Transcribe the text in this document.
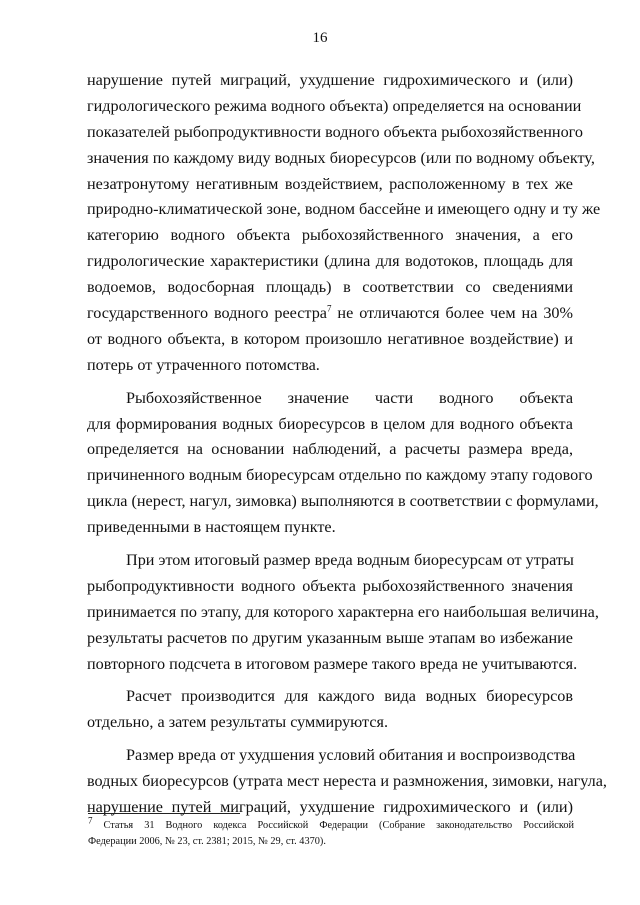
16
нарушение путей миграций, ухудшение гидрохимического и (или)
гидрологического режима водного объекта) определяется на основании
показателей рыбопродуктивности водного объекта рыбохозяйственного
значения по каждому виду водных биоресурсов (или по водному объекту,
незатронутому негативным воздействием, расположенному в тех же
природно-климатической зоне, водном бассейне и имеющего одну и ту же
категорию водного объекта рыбохозяйственного значения, а его
гидрологические характеристики (длина для водотоков, площадь для
водоемов, водосборная площадь) в соответствии со сведениями
государственного водного реестра$^7$ не отличаются более чем на 30%
от водного объекта, в котором произошло негативное воздействие) и
потерь от утраченного потомства.
Рыбохозяйственное значение части водного объекта
для формирования водных биоресурсов в целом для водного объекта
определяется на основании наблюдений, а расчеты размера вреда,
причиненного водным биоресурсам отдельно по каждому этапу годового
цикла (нерест, нагул, зимовка) выполняются в соответствии с формулами,
приведенными в настоящем пункте.
При этом итоговый размер вреда водным биоресурсам от утраты
рыбопродуктивности водного объекта рыбохозяйственного значения
принимается по этапу, для которого характерна его наибольшая величина,
результаты расчетов по другим указанным выше этапам во избежание
повторного подсчета в итоговом размере такого вреда не учитываются.
Расчет производится для каждого вида водных биоресурсов
отдельно, а затем результаты суммируются.
Размер вреда от ухудшения условий обитания и воспроизводства
водных биоресурсов (утрата мест нереста и размножения, зимовки, нагула,
нарушение путей миграций, ухудшение гидрохимического и (или)
$^7$ Статья 31 Водного кодекса Российской Федерации (Собрание законодательство Российской
Федерации 2006, № 23, ст. 2381; 2015, № 29, ст. 4370).
